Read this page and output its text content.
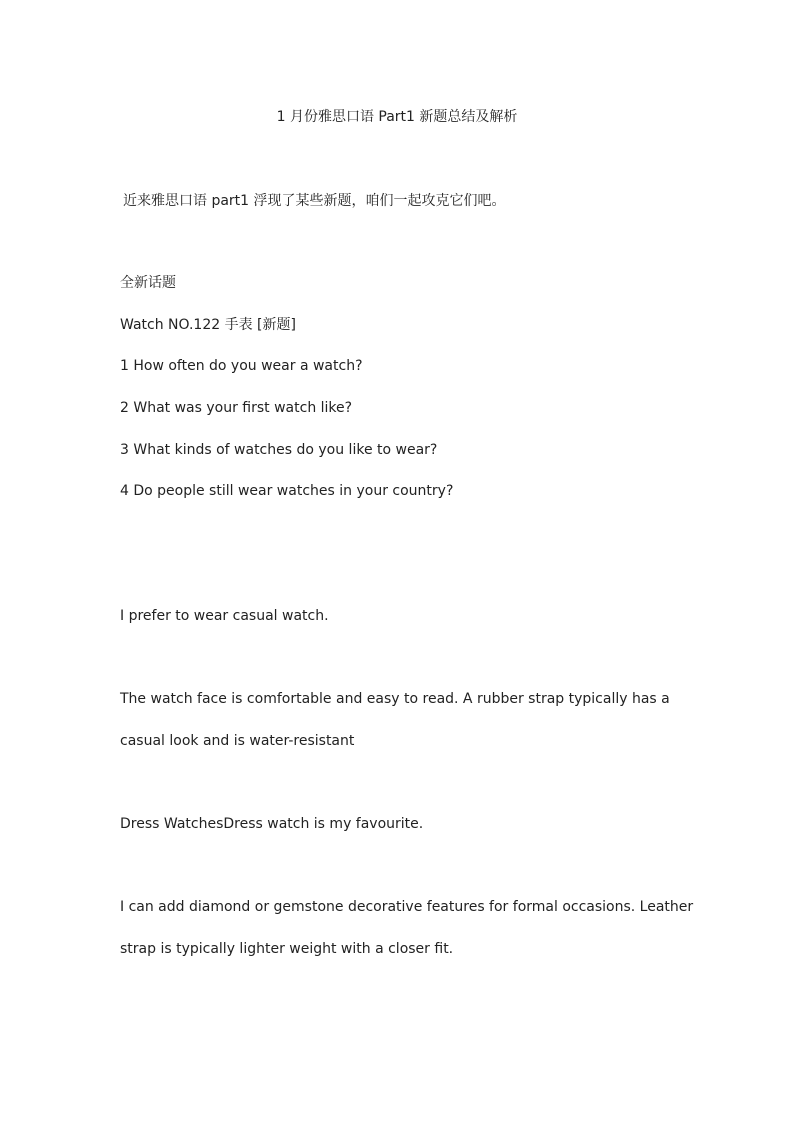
1 月份雅思口语 Part1 新题总结及解析
近来雅思口语 part1 浮现了某些新题，咱们一起攻克它们吧。
全新话题
Watch NO.122 手表 [新题]
1 How often do you wear a watch?
2 What was your first watch like?
3 What kinds of watches do you like to wear?
4 Do people still wear watches in your country?
I prefer to wear casual watch.
The watch face is comfortable and easy to read. A rubber strap typically has a
casual look and is water-resistant
Dress WatchesDress watch is my favourite.
I can add diamond or gemstone decorative features for formal occasions. Leather
strap is typically lighter weight with a closer fit.
